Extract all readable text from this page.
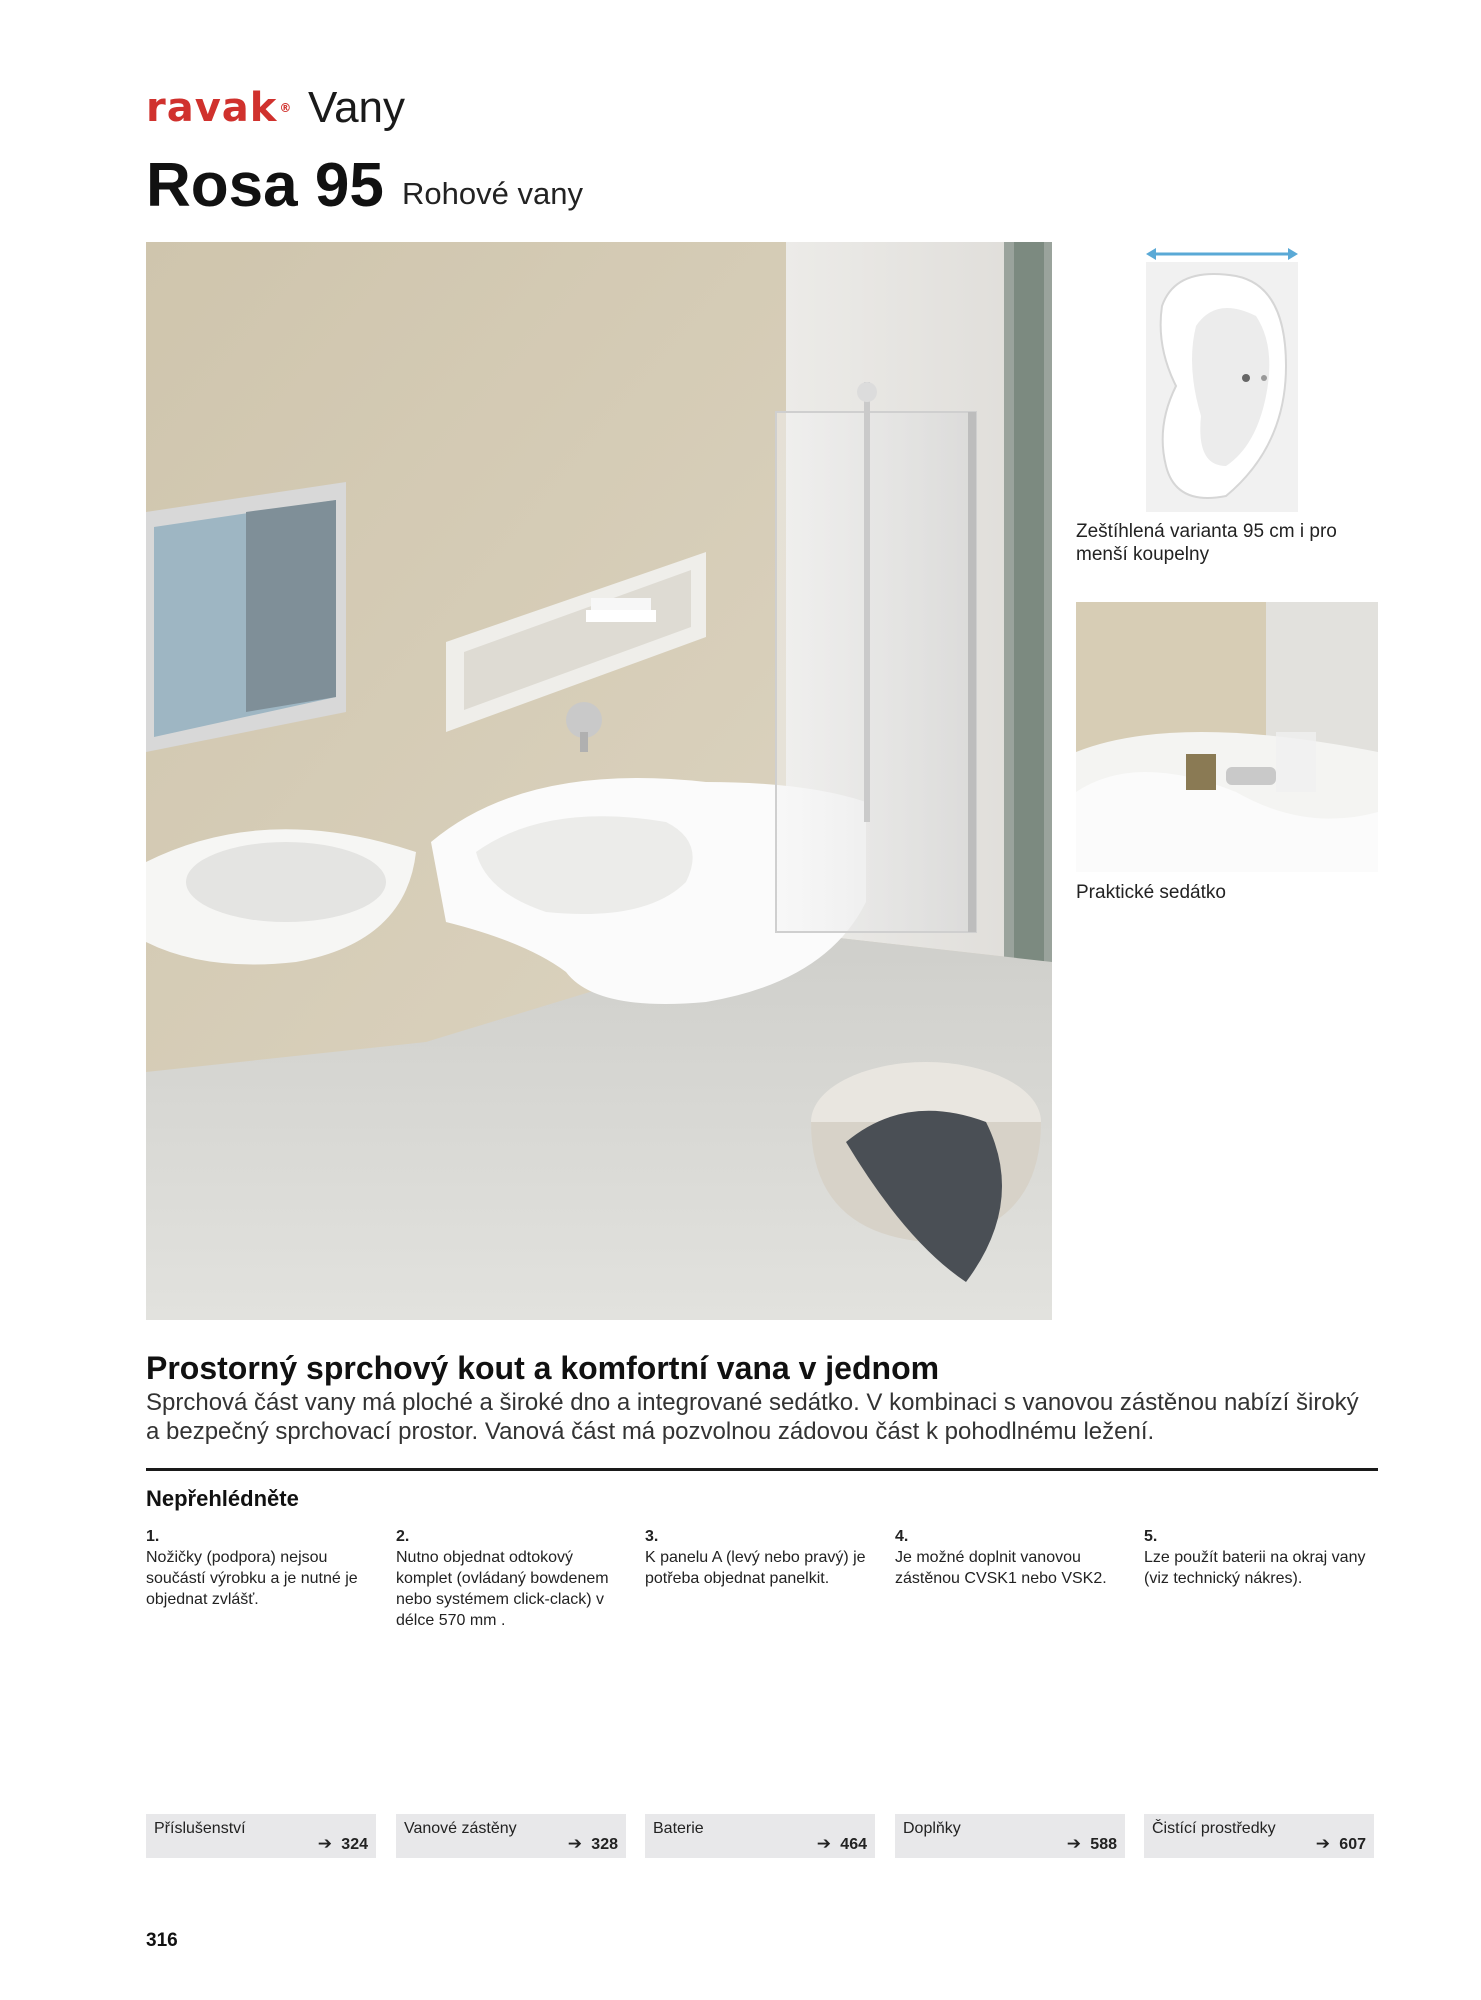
ravak ® Vany
Rosa 95 Rohové vany
Zeštíhlená varianta 95 cm i pro menší koupelny
Praktické sedátko
Prostorný sprchový kout a komfortní vana v jednom
Sprchová část vany má ploché a široké dno a integrované sedátko. V kombinaci s vanovou zástěnou nabízí široký a bezpečný sprchovací prostor. Vanová část má pozvolnou zádovou část k pohodlnému ležení.
Nepřehlédněte
1.
Nožičky (podpora) nejsou součástí výrobku a je nutné je objednat zvlášť.
2.
Nutno objednat odtokový komplet (ovládaný bowdenem nebo systémem click-clack) v délce 570 mm .
3.
K panelu A (levý nebo pravý) je potřeba objednat panelkit.
4.
Je možné doplnit vanovou zástěnou CVSK1 nebo VSK2.
5.
Lze použít baterii na okraj vany (viz technický nákres).
Příslušenství
➔ 324
Vanové zástěny
➔ 328
Baterie
➔ 464
Doplňky
➔ 588
Čistící prostředky
➔ 607
316
